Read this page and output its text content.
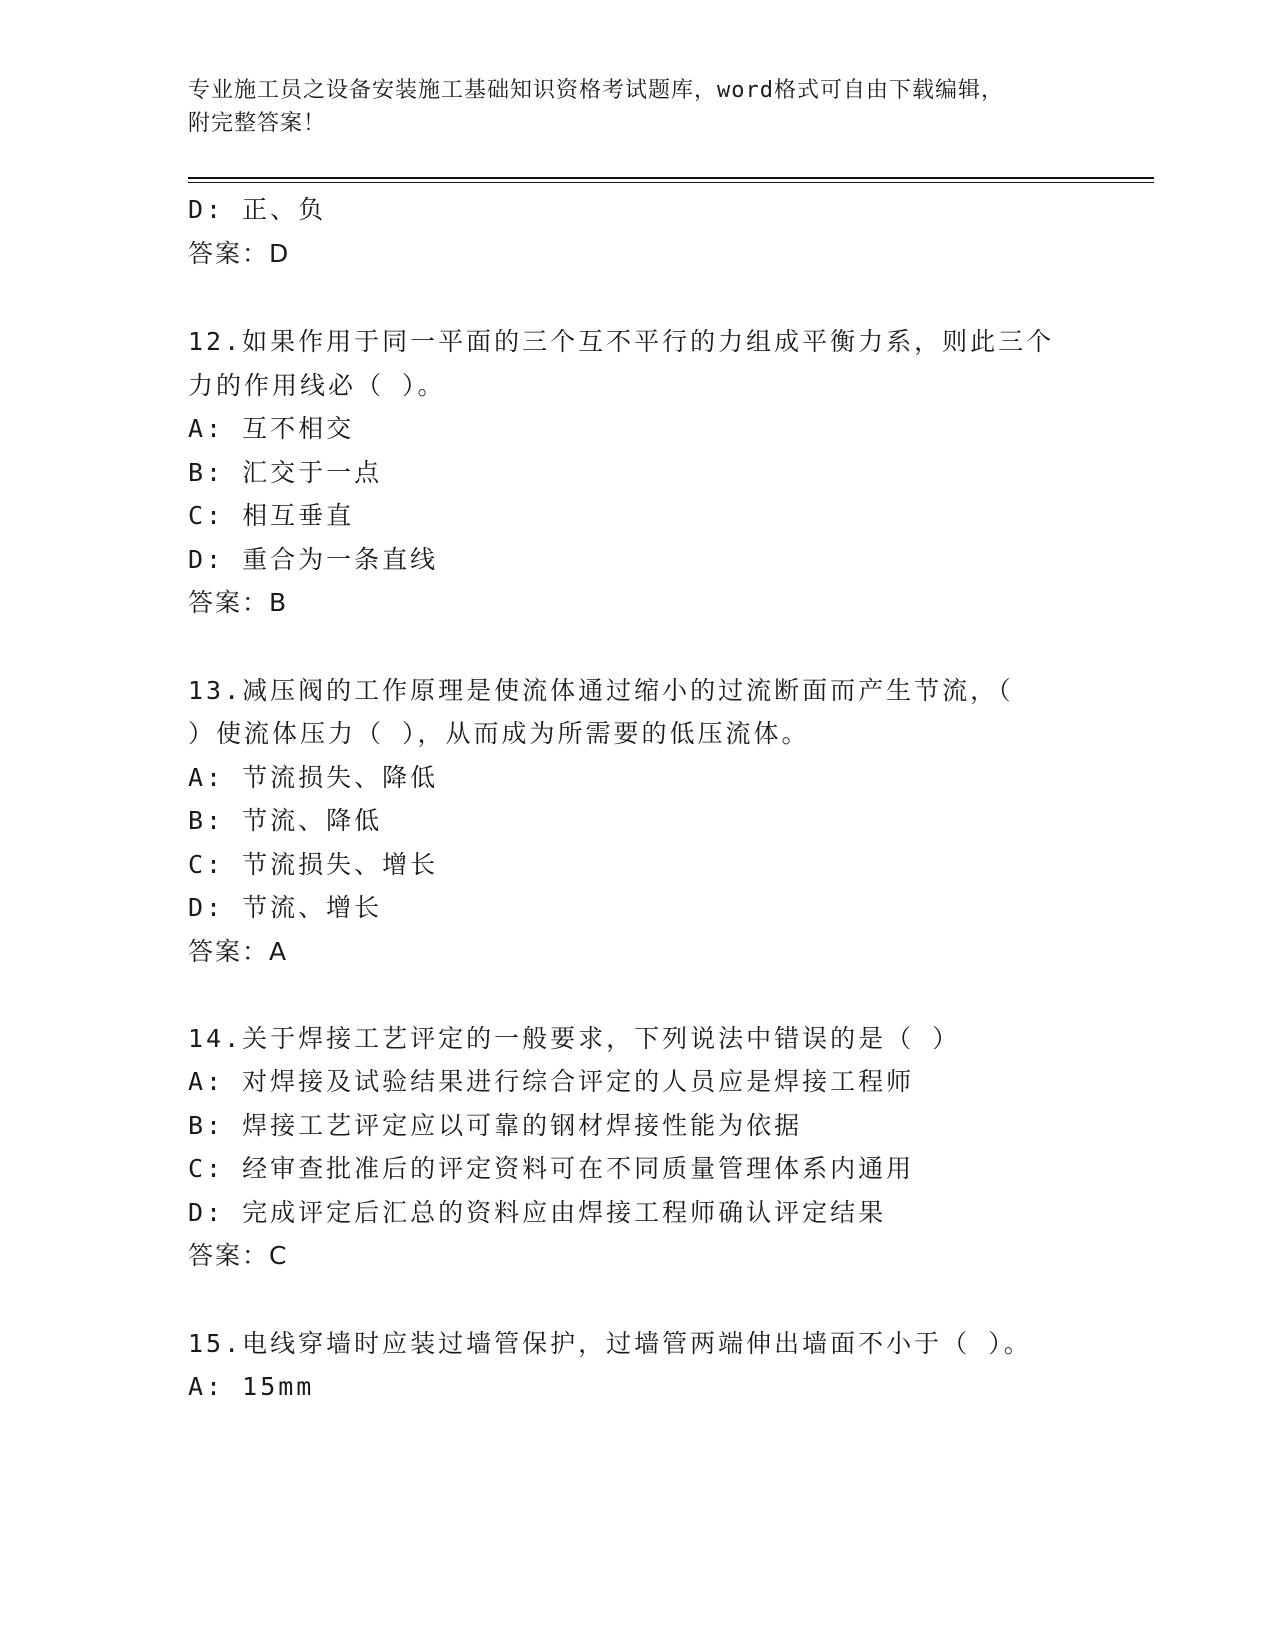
专业施工员之设备安装施工基础知识资格考试题库，word格式可自由下载编辑，
附完整答案！
D: 正、负
答案：D
12.如果作用于同一平面的三个互不平行的力组成平衡力系，则此三个
力的作用线必（ ）。
A: 互不相交
B: 汇交于一点
C: 相互垂直
D: 重合为一条直线
答案：B
13.减压阀的工作原理是使流体通过缩小的过流断面而产生节流，（
）使流体压力（ ），从而成为所需要的低压流体。
A: 节流损失、降低
B: 节流、降低
C: 节流损失、增长
D: 节流、增长
答案：A
14.关于焊接工艺评定的一般要求，下列说法中错误的是（ ）
A: 对焊接及试验结果进行综合评定的人员应是焊接工程师
B: 焊接工艺评定应以可靠的钢材焊接性能为依据
C: 经审查批准后的评定资料可在不同质量管理体系内通用
D: 完成评定后汇总的资料应由焊接工程师确认评定结果
答案：C
15.电线穿墙时应装过墙管保护，过墙管两端伸出墙面不小于（ ）。
A: 15mm
